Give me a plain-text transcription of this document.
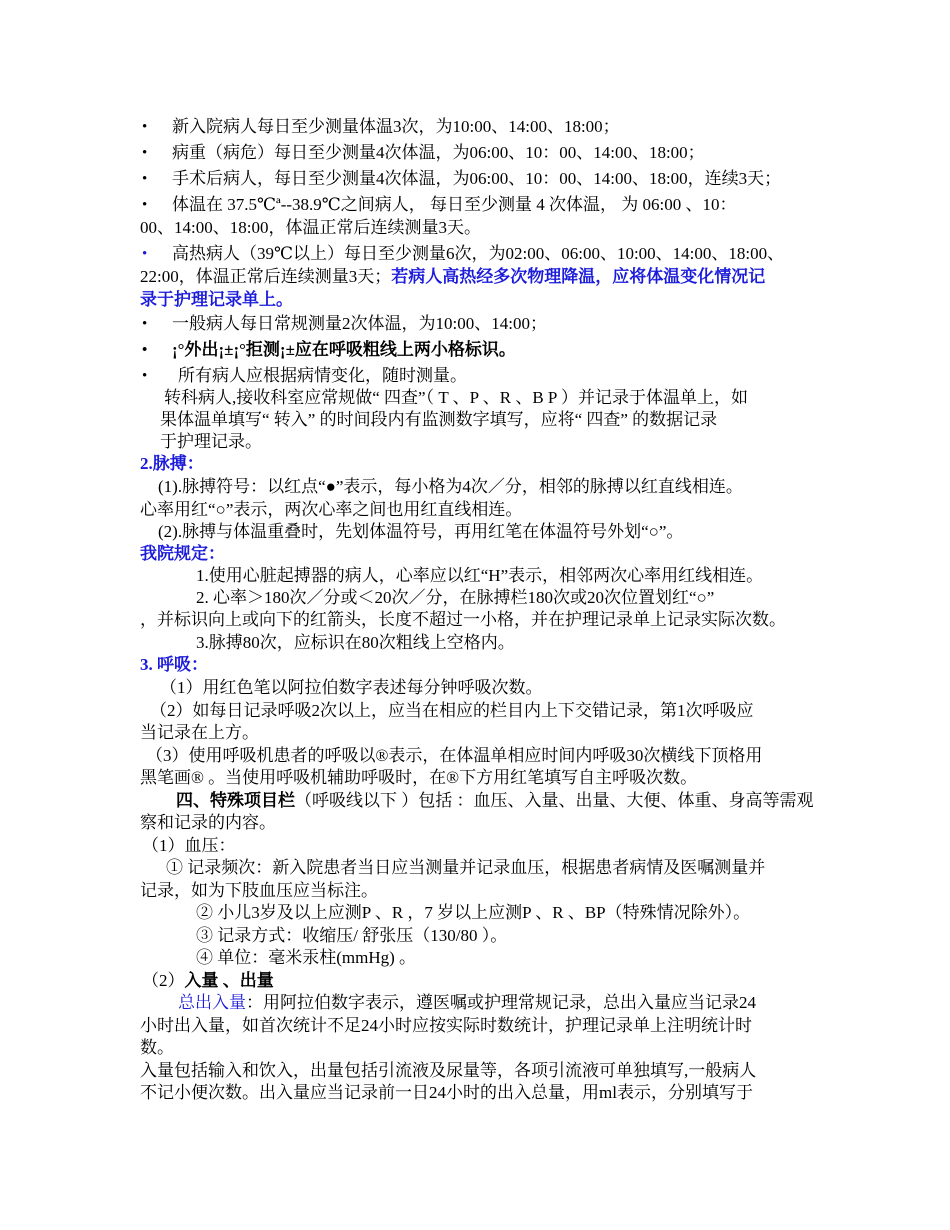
• 新入院病人每日至少测量体温3次，为10:00、14:00、18:00；
• 病重（病危）每日至少测量4次体温，为06:00、10：00、14:00、18:00；
• 手术后病人，每日至少测量4次体温，为06:00、10：00、14:00、18:00，连续3天；
• 体温在 37.5℃ª--38.9℃之间病人， 每日至少测量 4 次体温， 为 06:00 、10：
00、14:00、18:00，体温正常后连续测量3天。
• 高热病人（39℃以上）每日至少测量6次，为02:00、06:00、10:00、14:00、18:00、
22:00，体温正常后连续测量3天；若病人高热经多次物理降温，应将体温变化情况记
录于护理记录单上。
• 一般病人每日常规测量2次体温，为10:00、14:00；
• ¡°外出¡±¡°拒测¡±应在呼吸粗线上两小格标识。
• 所有病人应根据病情变化，随时测量。
转科病人,接收科室应常规做“ 四查”（ T 、P 、R 、B P ）并记录于体温单上，如
果体温单填写“ 转入” 的时间段内有监测数字填写，应将“ 四查” 的数据记录
于护理记录。
2.脉搏：
(1).脉搏符号：以红点“●”表示，每小格为4次／分，相邻的脉搏以红直线相连。
心率用红“○”表示，两次心率之间也用红直线相连。
(2).脉搏与体温重叠时，先划体温符号，再用红笔在体温符号外划“○”。
我院规定：
1.使用心脏起搏器的病人，心率应以红“H”表示，相邻两次心率用红线相连。
2. 心率＞180次／分或＜20次／分，在脉搏栏180次或20次位置划红“○”
，并标识向上或向下的红箭头，长度不超过一小格，并在护理记录单上记录实际次数。
3.脉搏80次，应标识在80次粗线上空格内。
3. 呼吸：
（1）用红色笔以阿拉伯数字表述每分钟呼吸次数。
（2）如每日记录呼吸2次以上，应当在相应的栏目内上下交错记录，第1次呼吸应
当记录在上方。
（3）使用呼吸机患者的呼吸以®表示，在体温单相应时间内呼吸30次横线下顶格用
黑笔画® 。当使用呼吸机辅助呼吸时，在®下方用红笔填写自主呼吸次数。
四、特殊项目栏（呼吸线以下 ）包括 ：血压、入量、出量、大便、体重、身高等需观
察和记录的内容。
（1）血压：
① 记录频次：新入院患者当日应当测量并记录血压，根据患者病情及医嘱测量并
记录，如为下肢血压应当标注。
② 小儿3岁及以上应测P 、R ，7 岁以上应测P 、R 、BP（特殊情况除外）。
③ 记录方式：收缩压/ 舒张压（130/80 ）。
④ 单位：毫米汞柱(mmHg) 。
（2）入量 、出量
总出入量：用阿拉伯数字表示，遵医嘱或护理常规记录，总出入量应当记录24
小时出入量，如首次统计不足24小时应按实际时数统计，护理记录单上注明统计时
数。
入量包括输入和饮入，出量包括引流液及尿量等，各项引流液可单独填写,一般病人
不记小便次数。出入量应当记录前一日24小时的出入总量，用ml表示，分别填写于
